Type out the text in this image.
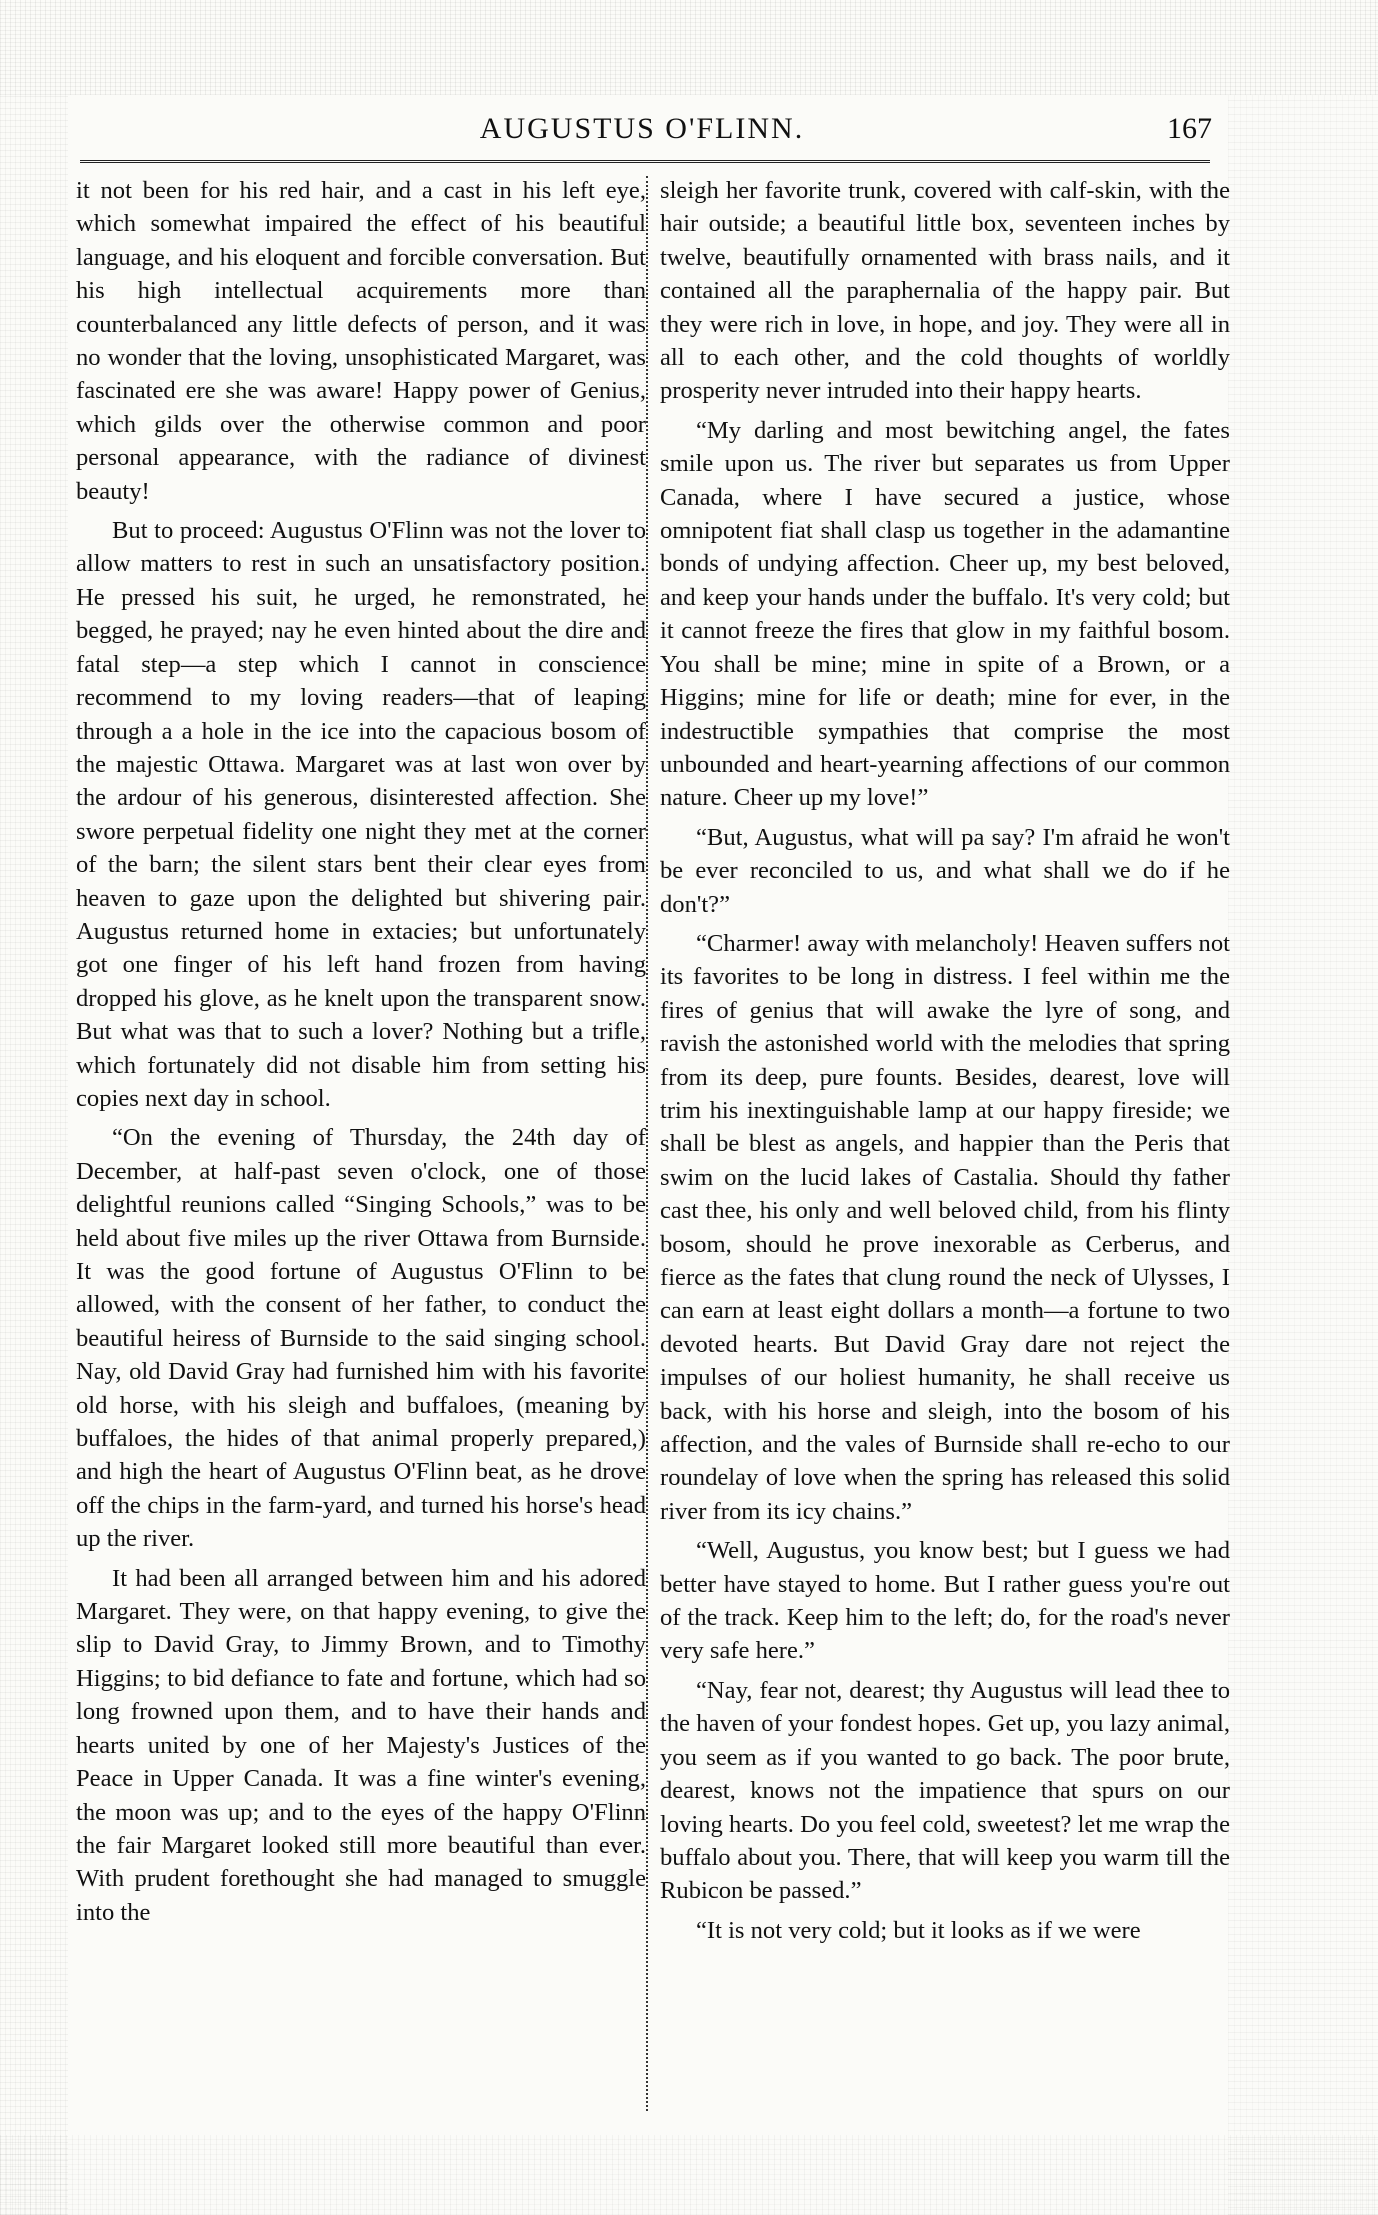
AUGUSTUS O'FLINN.	167

it not been for his red hair, and a cast in his left eye, which somewhat impaired the effect of his beautiful language, and his eloquent and forcible conversation. But his high intellectual acquirements more than counterbalanced any little defects of person, and it was no wonder that the loving, unsophisticated Margaret, was fascinated ere she was aware! Happy power of Genius, which gilds over the otherwise common and poor personal appearance, with the radiance of divinest beauty!

But to proceed: Augustus O'Flinn was not the lover to allow matters to rest in such an unsatisfactory position. He pressed his suit, he urged, he remonstrated, he begged, he prayed; nay he even hinted about the dire and fatal step—a step which I cannot in conscience recommend to my loving readers—that of leaping through a a hole in the ice into the capacious bosom of the majestic Ottawa. Margaret was at last won over by the ardour of his generous, disinterested affection. She swore perpetual fidelity one night they met at the corner of the barn; the silent stars bent their clear eyes from heaven to gaze upon the delighted but shivering pair. Augustus returned home in extacies; but unfortunately got one finger of his left hand frozen from having dropped his glove, as he knelt upon the transparent snow. But what was that to such a lover? Nothing but a trifle, which fortunately did not disable him from setting his copies next day in school.

“On the evening of Thursday, the 24th day of December, at half-past seven o'clock, one of those delightful reunions called “Singing Schools,” was to be held about five miles up the river Ottawa from Burnside. It was the good fortune of Augustus O'Flinn to be allowed, with the consent of her father, to conduct the beautiful heiress of Burnside to the said singing school. Nay, old David Gray had furnished him with his favorite old horse, with his sleigh and buffaloes, (meaning by buffaloes, the hides of that animal properly prepared,) and high the heart of Augustus O'Flinn beat, as he drove off the chips in the farm-yard, and turned his horse's head up the river.

It had been all arranged between him and his adored Margaret. They were, on that happy evening, to give the slip to David Gray, to Jimmy Brown, and to Timothy Higgins; to bid defiance to fate and fortune, which had so long frowned upon them, and to have their hands and hearts united by one of her Majesty's Justices of the Peace in Upper Canada. It was a fine winter's evening, the moon was up; and to the eyes of the happy O'Flinn the fair Margaret looked still more beautiful than ever. With prudent forethought she had managed to smuggle into the

sleigh her favorite trunk, covered with calf-skin, with the hair outside; a beautiful little box, seventeen inches by twelve, beautifully ornamented with brass nails, and it contained all the paraphernalia of the happy pair. But they were rich in love, in hope, and joy. They were all in all to each other, and the cold thoughts of worldly prosperity never intruded into their happy hearts.

“My darling and most bewitching angel, the fates smile upon us. The river but separates us from Upper Canada, where I have secured a justice, whose omnipotent fiat shall clasp us together in the adamantine bonds of undying affection. Cheer up, my best beloved, and keep your hands under the buffalo. It's very cold; but it cannot freeze the fires that glow in my faithful bosom. You shall be mine; mine in spite of a Brown, or a Higgins; mine for life or death; mine for ever, in the indestructible sympathies that comprise the most unbounded and heart-yearning affections of our common nature. Cheer up my love!”

“But, Augustus, what will pa say? I'm afraid he won't be ever reconciled to us, and what shall we do if he don't?”

“Charmer! away with melancholy! Heaven suffers not its favorites to be long in distress. I feel within me the fires of genius that will awake the lyre of song, and ravish the astonished world with the melodies that spring from its deep, pure founts. Besides, dearest, love will trim his inextinguishable lamp at our happy fireside; we shall be blest as angels, and happier than the Peris that swim on the lucid lakes of Castalia. Should thy father cast thee, his only and well beloved child, from his flinty bosom, should he prove inexorable as Cerberus, and fierce as the fates that clung round the neck of Ulysses, I can earn at least eight dollars a month—a fortune to two devoted hearts. But David Gray dare not reject the impulses of our holiest humanity, he shall receive us back, with his horse and sleigh, into the bosom of his affection, and the vales of Burnside shall re-echo to our roundelay of love when the spring has released this solid river from its icy chains.”

“Well, Augustus, you know best; but I guess we had better have stayed to home. But I rather guess you're out of the track. Keep him to the left; do, for the road's never very safe here.”

“Nay, fear not, dearest; thy Augustus will lead thee to the haven of your fondest hopes. Get up, you lazy animal, you seem as if you wanted to go back. The poor brute, dearest, knows not the impatience that spurs on our loving hearts. Do you feel cold, sweetest? let me wrap the buffalo about you. There, that will keep you warm till the Rubicon be passed.”

“It is not very cold; but it looks as if we were
